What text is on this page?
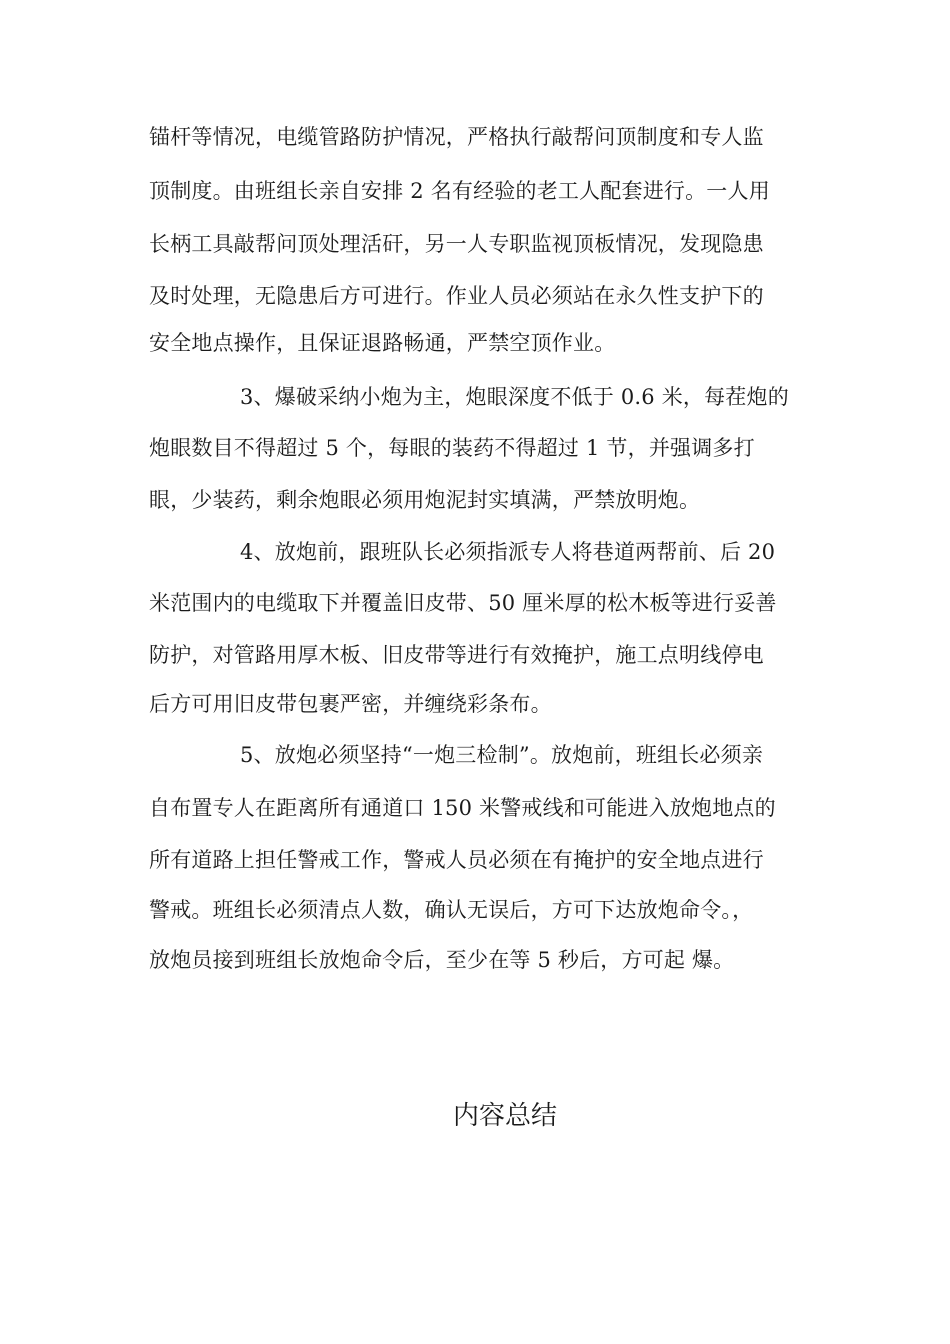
锚杆等情况，电缆管路防护情况，严格执行敲帮问顶制度和专人监
顶制度。由班组长亲自安排 2 名有经验的老工人配套进行。一人用
长柄工具敲帮问顶处理活矸，另一人专职监视顶板情况，发现隐患
及时处理，无隐患后方可进行。作业人员必须站在永久性支护下的
安全地点操作，且保证退路畅通，严禁空顶作业。
3、爆破采纳小炮为主，炮眼深度不低于 0.6 米，每茬炮的
炮眼数目不得超过 5 个，每眼的装药不得超过 1 节，并强调多打
眼，少装药，剩余炮眼必须用炮泥封实填满，严禁放明炮。
4、放炮前，跟班队长必须指派专人将巷道两帮前、后 20
米范围内的电缆取下并覆盖旧皮带、50 厘米厚的松木板等进行妥善
防护，对管路用厚木板、旧皮带等进行有效掩护，施工点明线停电
后方可用旧皮带包裹严密，并缠绕彩条布。
5、放炮必须坚持“一炮三检制”。放炮前，班组长必须亲
自布置专人在距离所有通道口 150 米警戒线和可能进入放炮地点的
所有道路上担任警戒工作，警戒人员必须在有掩护的安全地点进行
警戒。班组长必须清点人数，确认无误后，方可下达放炮命令。，
放炮员接到班组长放炮命令后，至少在等 5 秒后，方可起 爆。
内容总结
